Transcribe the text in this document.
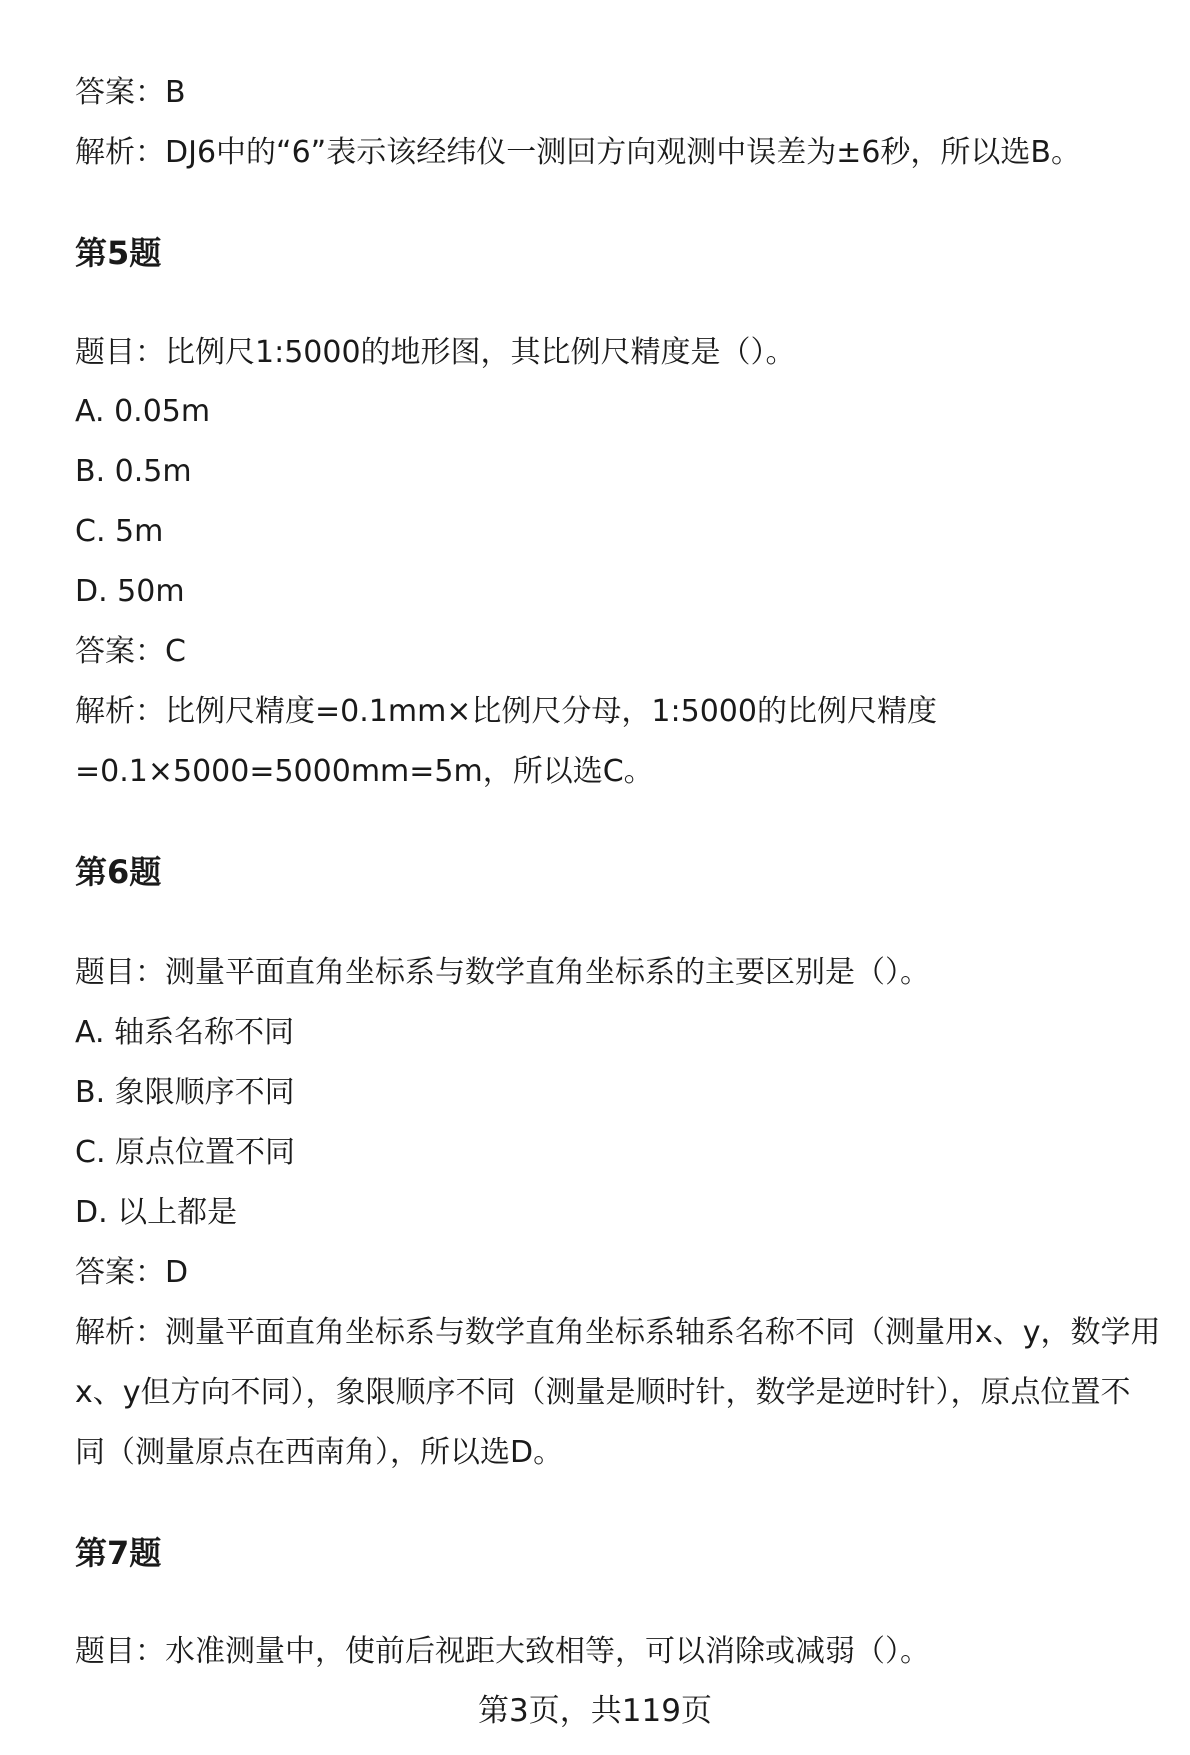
答案：B
解析：DJ6中的“6”表示该经纬仪一测回方向观测中误差为±6秒，所以选B。
第5题
题目：比例尺1:5000的地形图，其比例尺精度是（）。
A. 0.05m
B. 0.5m
C. 5m
D. 50m
答案：C
解析：比例尺精度=0.1mm×比例尺分母，1:5000的比例尺精度
=0.1×5000=5000mm=5m，所以选C。
第6题
题目：测量平面直角坐标系与数学直角坐标系的主要区别是（）。
A. 轴系名称不同
B. 象限顺序不同
C. 原点位置不同
D. 以上都是
答案：D
解析：测量平面直角坐标系与数学直角坐标系轴系名称不同（测量用x、y，数学用
x、y但方向不同），象限顺序不同（测量是顺时针，数学是逆时针），原点位置不
同（测量原点在西南角），所以选D。
第7题
题目：水准测量中，使前后视距大致相等，可以消除或减弱（）。
第3页，共119页
